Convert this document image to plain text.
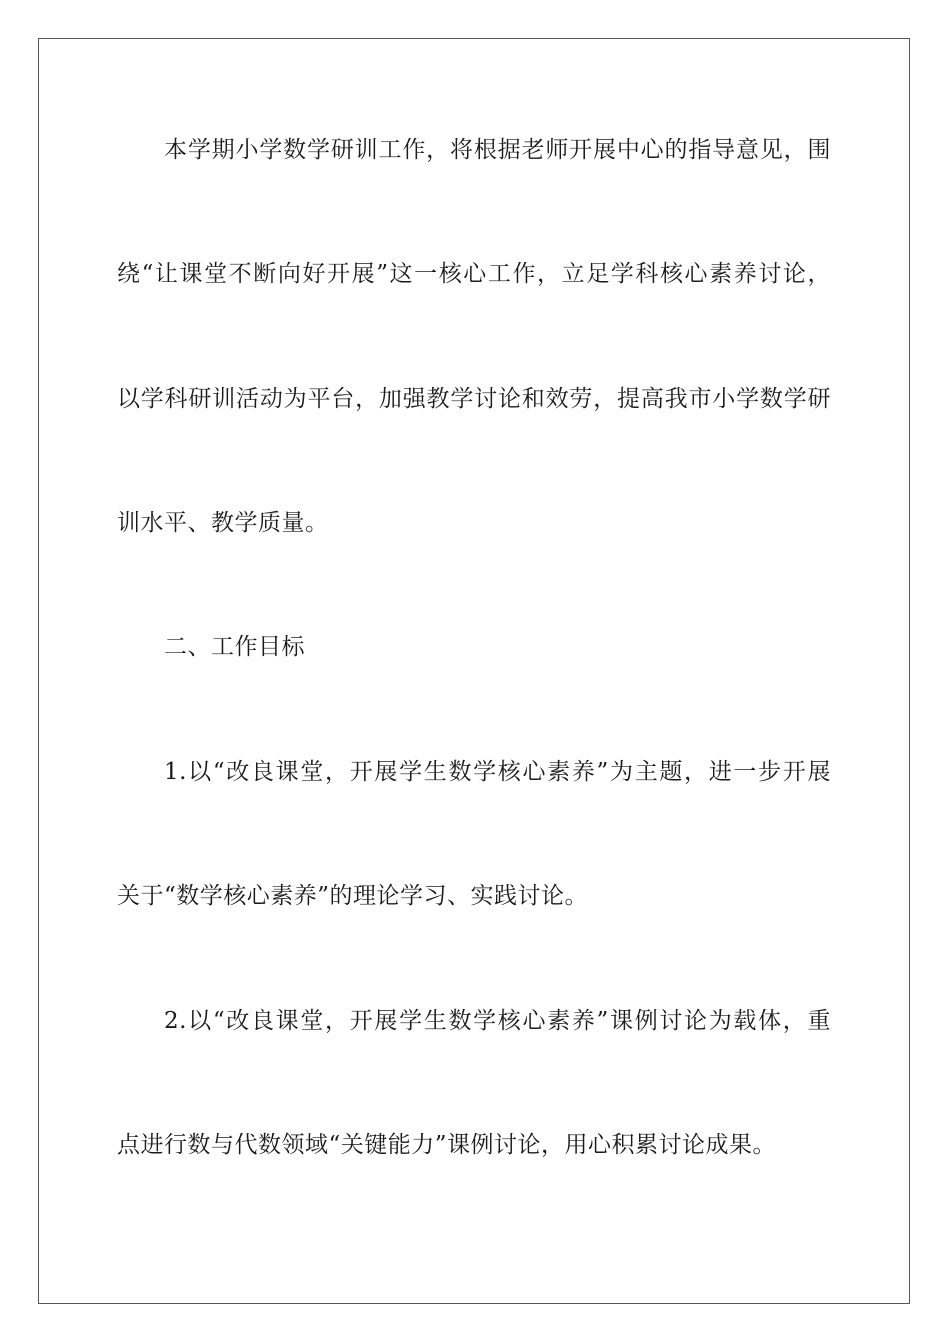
本学期小学数学研训工作，将根据老师开展中心的指导意见，围
绕“让课堂不断向好开展”这一核心工作，立足学科核心素养讨论，
以学科研训活动为平台，加强教学讨论和效劳，提高我市小学数学研
训水平、教学质量。
二、工作目标
1.以“改良课堂，开展学生数学核心素养”为主题，进一步开展
关于“数学核心素养”的理论学习、实践讨论。
2.以“改良课堂，开展学生数学核心素养”课例讨论为载体，重
点进行数与代数领域“关键能力”课例讨论，用心积累讨论成果。
